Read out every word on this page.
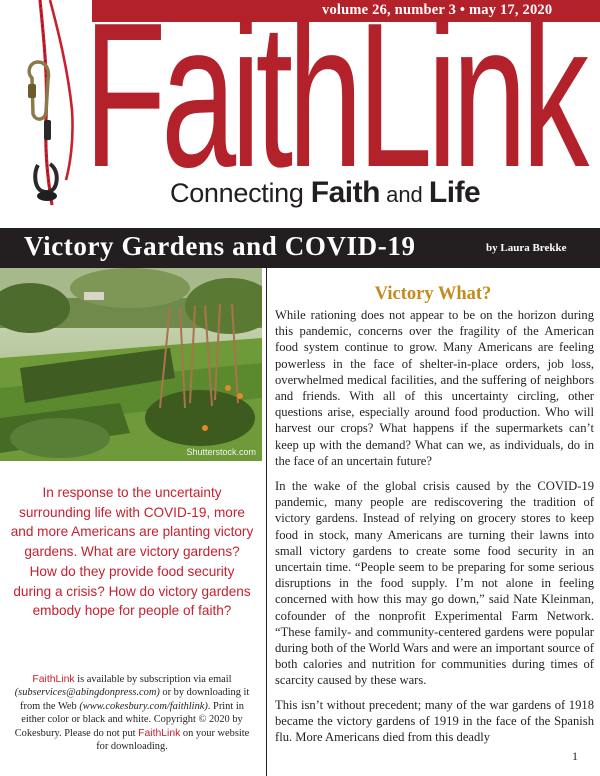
volume 26, number 3 • may 17, 2020
FaithLink
Connecting Faith and Life
Victory Gardens and COVID-19	by Laura Brekke
Shutterstock.com

In response to the uncertainty surrounding life with COVID-19, more and more Americans are planting victory gardens. What are victory gardens? How do they provide food security during a crisis? How do victory gardens embody hope for people of faith?

FaithLink is available by subscription via email (subservices@abingdonpress.com) or by downloading it from the Web (www.cokesbury.com/faithlink). Print in either color or black and white. Copyright © 2020 by Cokesbury. Please do not put FaithLink on your website for downloading.

Victory What?

While rationing does not appear to be on the horizon during this pandemic, concerns over the fragility of the American food system continue to grow. Many Americans are feeling powerless in the face of shelter-in-place orders, job loss, overwhelmed medical facilities, and the suffering of neighbors and friends. With all of this uncertainty circling, other questions arise, especially around food production. Who will harvest our crops? What happens if the supermarkets can’t keep up with the demand? What can we, as individuals, do in the face of an uncertain future?

In the wake of the global crisis caused by the COVID-19 pandemic, many people are rediscovering the tradition of victory gardens. Instead of relying on grocery stores to keep food in stock, many Americans are turning their lawns into small victory gardens to create some food security in an uncertain time. “People seem to be preparing for some serious disruptions in the food supply. I’m not alone in feeling concerned with how this may go down,” said Nate Kleinman, cofounder of the nonprofit Experimental Farm Network. “These family- and community-centered gardens were popular during both of the World Wars and were an important source of both calories and nutrition for communities during times of scarcity caused by these wars.

This isn’t without precedent; many of the war gardens of 1918 became the victory gardens of 1919 in the face of the Spanish flu. More Americans died from this deadly

1
